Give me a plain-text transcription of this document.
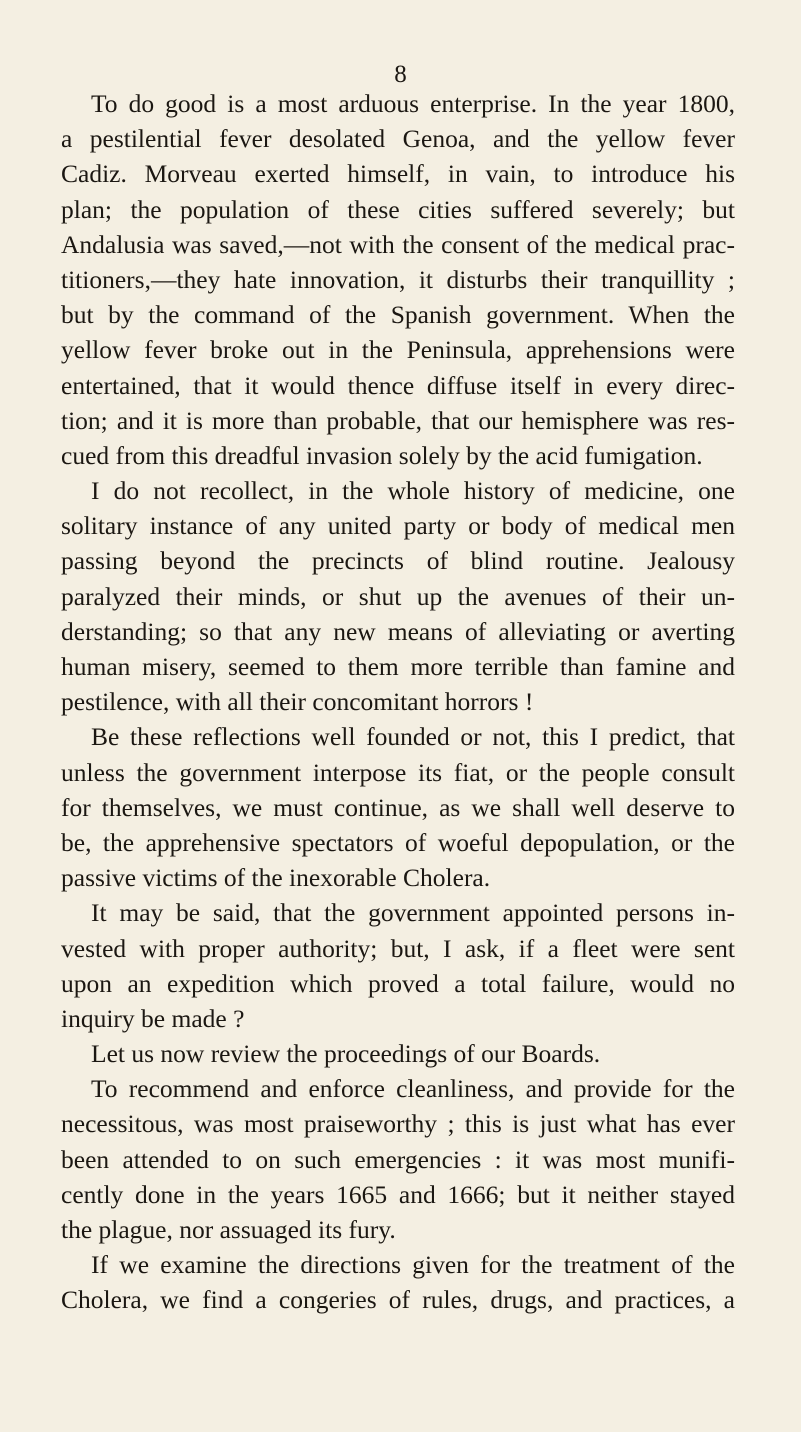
8
To do good is a most arduous enterprise. In the year 1800,
a pestilential fever desolated Genoa, and the yellow fever
Cadiz. Morveau exerted himself, in vain, to introduce his
plan; the population of these cities suffered severely; but
Andalusia was saved,—not with the consent of the medical prac-
titioners,—they hate innovation, it disturbs their tranquillity ;
but by the command of the Spanish government. When the
yellow fever broke out in the Peninsula, apprehensions were
entertained, that it would thence diffuse itself in every direc-
tion; and it is more than probable, that our hemisphere was res-
cued from this dreadful invasion solely by the acid fumigation.
I do not recollect, in the whole history of medicine, one
solitary instance of any united party or body of medical men
passing beyond the precincts of blind routine. Jealousy
paralyzed their minds, or shut up the avenues of their un-
derstanding; so that any new means of alleviating or averting
human misery, seemed to them more terrible than famine and
pestilence, with all their concomitant horrors !
Be these reflections well founded or not, this I predict, that
unless the government interpose its fiat, or the people consult
for themselves, we must continue, as we shall well deserve to
be, the apprehensive spectators of woeful depopulation, or the
passive victims of the inexorable Cholera.
It may be said, that the government appointed persons in-
vested with proper authority; but, I ask, if a fleet were sent
upon an expedition which proved a total failure, would no
inquiry be made ?
Let us now review the proceedings of our Boards.
To recommend and enforce cleanliness, and provide for the
necessitous, was most praiseworthy ; this is just what has ever
been attended to on such emergencies : it was most munifi-
cently done in the years 1665 and 1666; but it neither stayed
the plague, nor assuaged its fury.
If we examine the directions given for the treatment of the
Cholera, we find a congeries of rules, drugs, and practices, a
